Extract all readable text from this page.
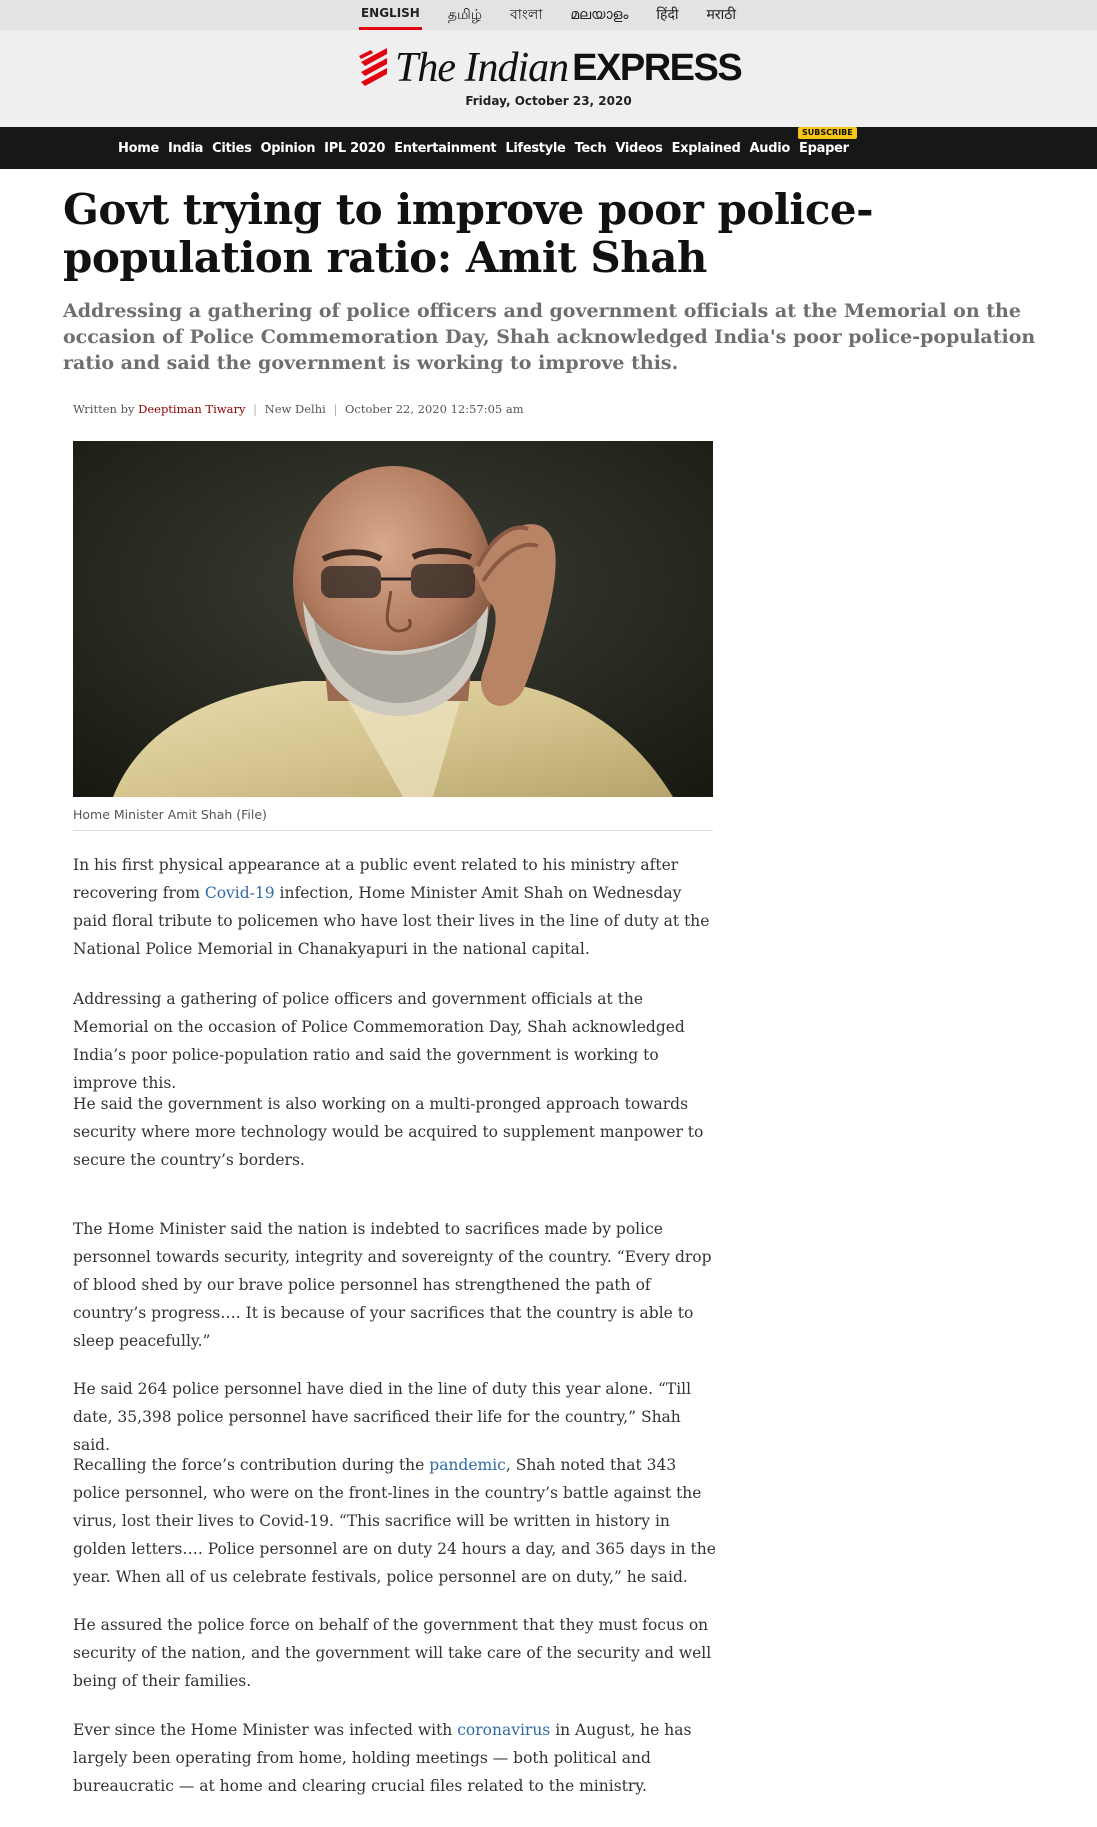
ENGLISH தமிழ் বাংলা മലയാളം हिंदी मराठी
The Indian EXPRESS
Friday, October 23, 2020
Home India Cities Opinion IPL 2020 Entertainment Lifestyle Tech Videos Explained Audio
SUBSCRIBE
Epaper
Govt trying to improve poor police-population ratio: Amit Shah
Addressing a gathering of police officers and government officials at the Memorial on the occasion of Police Commemoration Day, Shah acknowledged India's poor police-population ratio and said the government is working to improve this.
Written by Deeptiman Tiwary | New Delhi | October 22, 2020 12:57:05 am
Home Minister Amit Shah (File)

In his first physical appearance at a public event related to his ministry after recovering from Covid-19 infection, Home Minister Amit Shah on Wednesday paid floral tribute to policemen who have lost their lives in the line of duty at the National Police Memorial in Chanakyapuri in the national capital.

Addressing a gathering of police officers and government officials at the Memorial on the occasion of Police Commemoration Day, Shah acknowledged India’s poor police-population ratio and said the government is working to improve this.

He said the government is also working on a multi-pronged approach towards security where more technology would be acquired to supplement manpower to secure the country’s borders.

The Home Minister said the nation is indebted to sacrifices made by police personnel towards security, integrity and sovereignty of the country. “Every drop of blood shed by our brave police personnel has strengthened the path of country’s progress…. It is because of your sacrifices that the country is able to sleep peacefully.”

He said 264 police personnel have died in the line of duty this year alone. “Till date, 35,398 police personnel have sacrificed their life for the country,” Shah said.

Recalling the force’s contribution during the pandemic, Shah noted that 343 police personnel, who were on the front-lines in the country’s battle against the virus, lost their lives to Covid-19. “This sacrifice will be written in history in golden letters…. Police personnel are on duty 24 hours a day, and 365 days in the year. When all of us celebrate festivals, police personnel are on duty,” he said.

He assured the police force on behalf of the government that they must focus on security of the nation, and the government will take care of the security and well being of their families.

Ever since the Home Minister was infected with coronavirus in August, he has largely been operating from home, holding meetings — both political and bureaucratic — at home and clearing crucial files related to the ministry.
